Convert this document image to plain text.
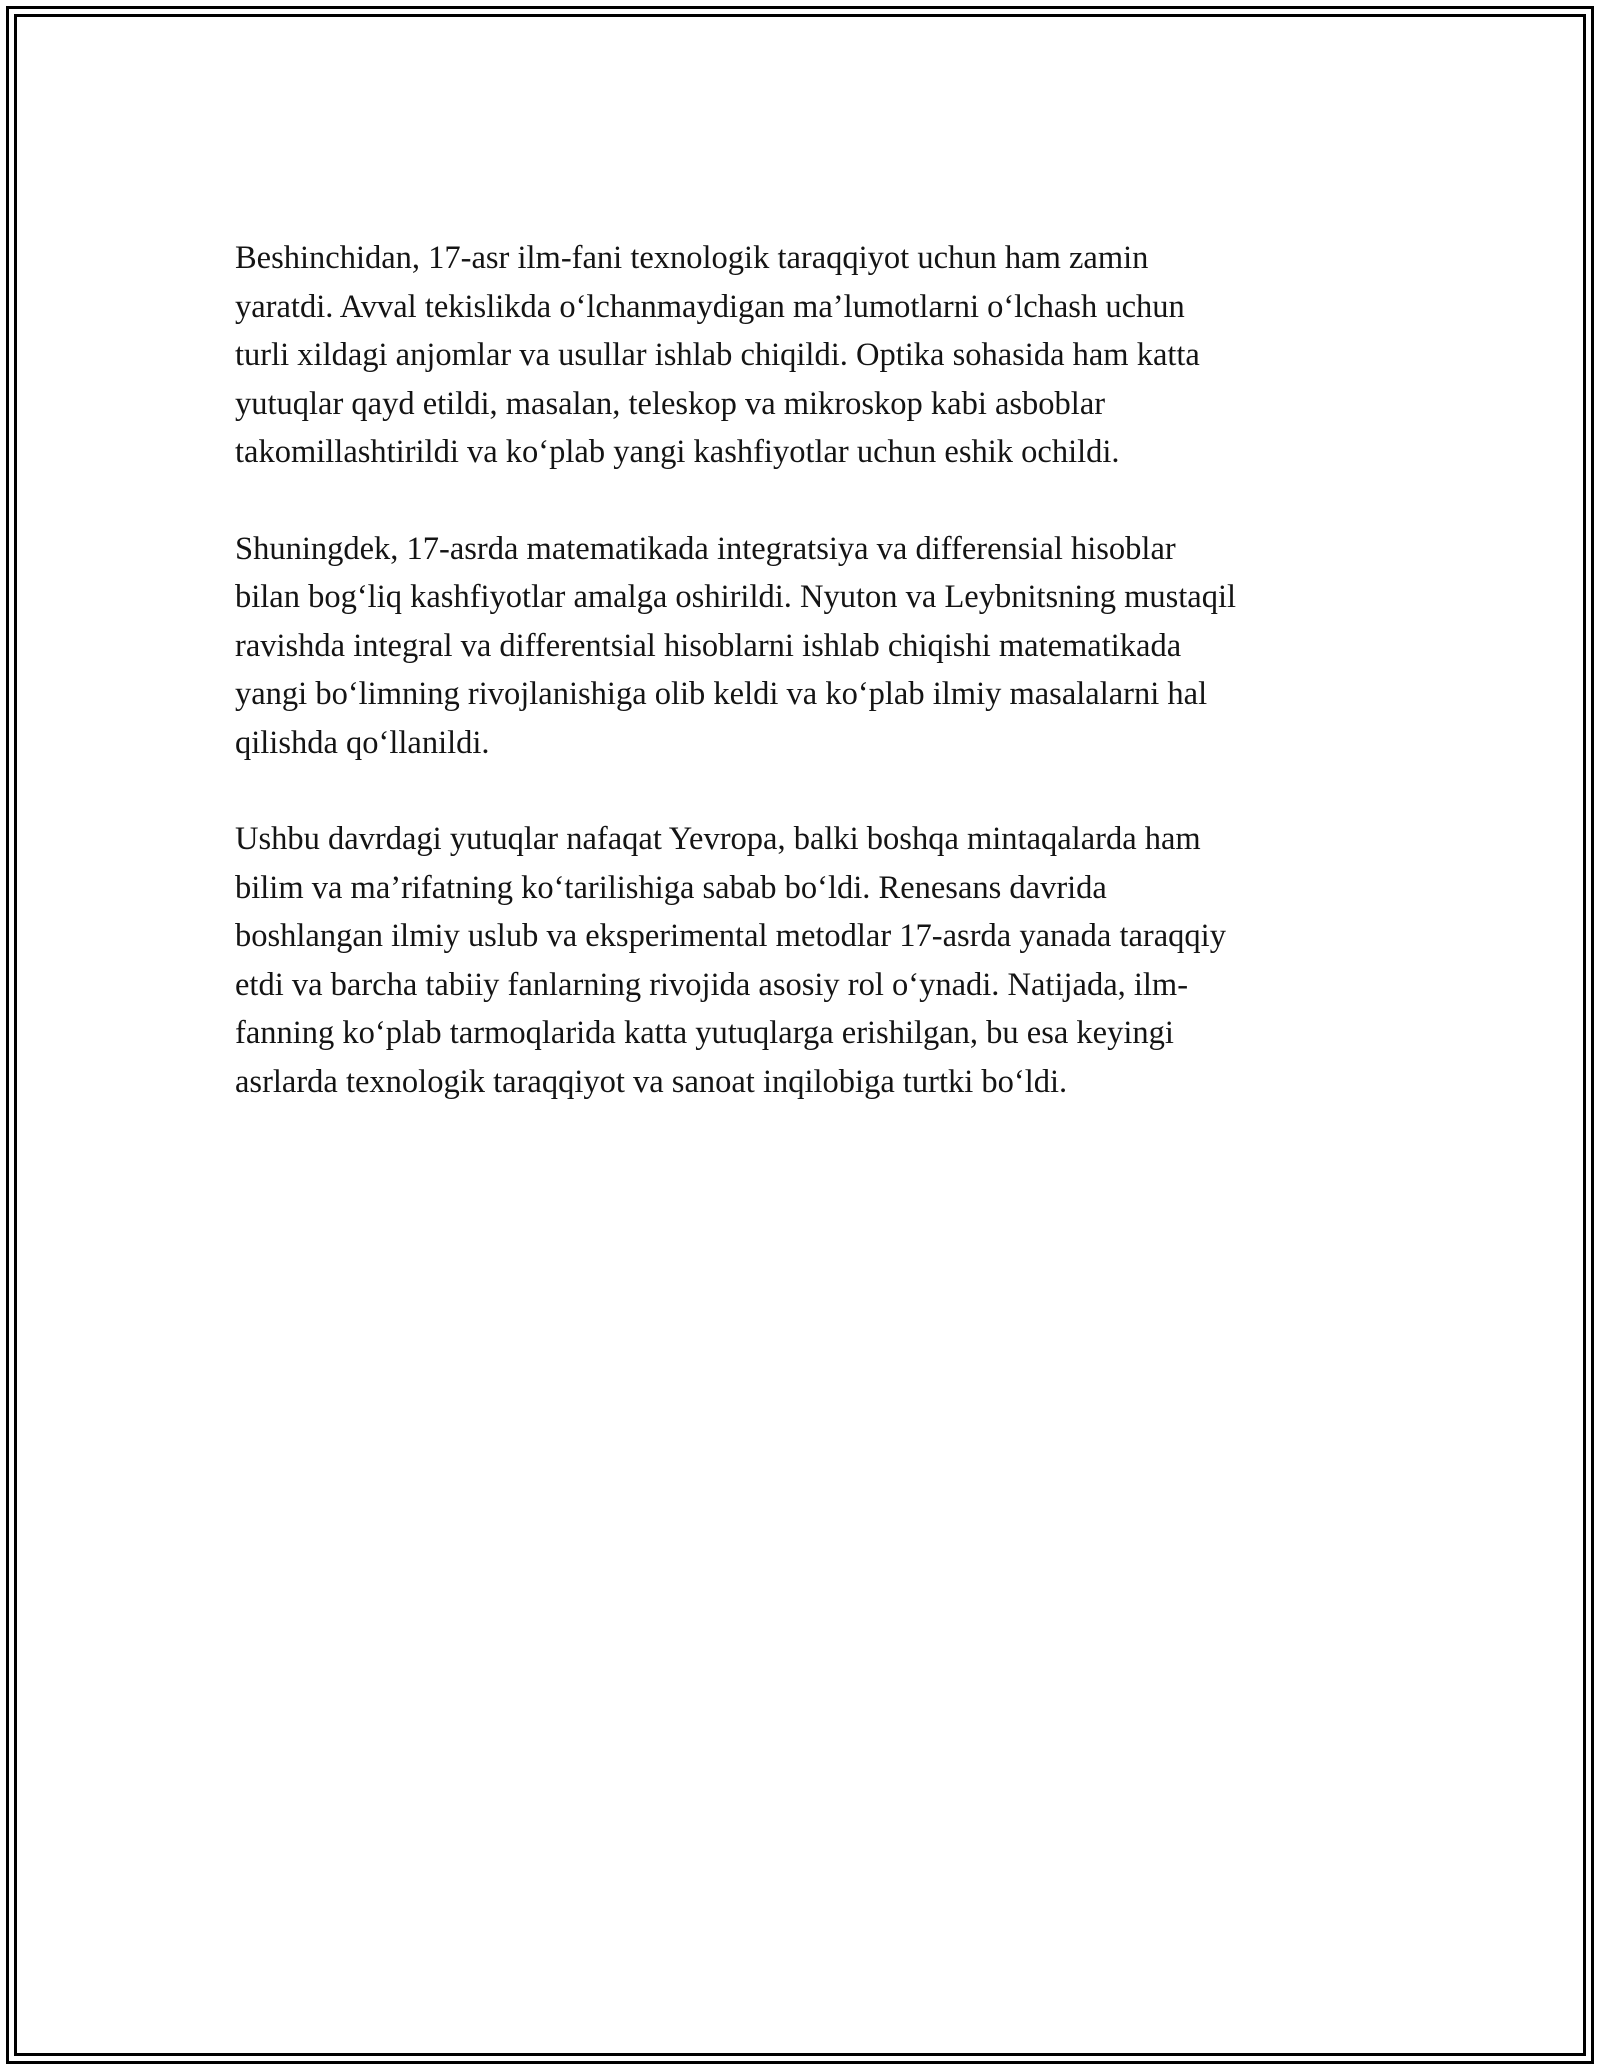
Beshinchidan, 17-asr ilm-fani texnologik taraqqiyot uchun ham zamin
yaratdi. Avval tekislikda o‘lchanmaydigan ma’lumotlarni o‘lchash uchun
turli xildagi anjomlar va usullar ishlab chiqildi. Optika sohasida ham katta
yutuqlar qayd etildi, masalan, teleskop va mikroskop kabi asboblar
takomillashtirildi va ko‘plab yangi kashfiyotlar uchun eshik ochildi.

Shuningdek, 17-asrda matematikada integratsiya va differensial hisoblar
bilan bog‘liq kashfiyotlar amalga oshirildi. Nyuton va Leybnitsning mustaqil
ravishda integral va differentsial hisoblarni ishlab chiqishi matematikada
yangi bo‘limning rivojlanishiga olib keldi va ko‘plab ilmiy masalalarni hal
qilishda qo‘llanildi.

Ushbu davrdagi yutuqlar nafaqat Yevropa, balki boshqa mintaqalarda ham
bilim va ma’rifatning ko‘tarilishiga sabab bo‘ldi. Renesans davrida
boshlangan ilmiy uslub va eksperimental metodlar 17-asrda yanada taraqqiy
etdi va barcha tabiiy fanlarning rivojida asosiy rol o‘ynadi. Natijada, ilm-
fanning ko‘plab tarmoqlarida katta yutuqlarga erishilgan, bu esa keyingi
asrlarda texnologik taraqqiyot va sanoat inqilobiga turtki bo‘ldi.
